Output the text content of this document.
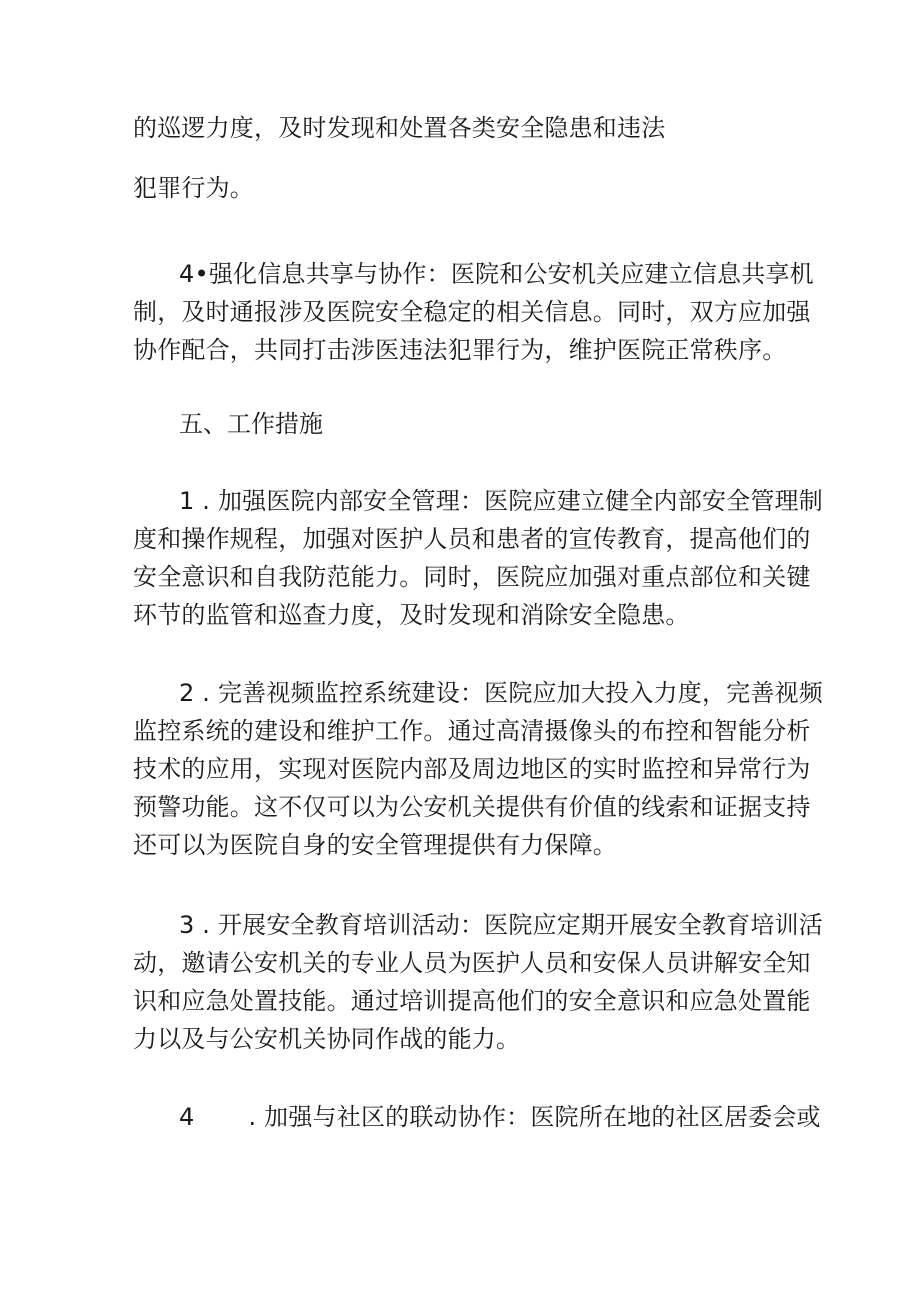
的巡逻力度，及时发现和处置各类安全隐患和违法
犯罪行为。
4•强化信息共享与协作：医院和公安机关应建立信息共享机
制，及时通报涉及医院安全稳定的相关信息。同时，双方应加强
协作配合，共同打击涉医违法犯罪行为，维护医院正常秩序。
五、工作措施
1 . 加强医院内部安全管理：医院应建立健全内部安全管理制
度和操作规程，加强对医护人员和患者的宣传教育，提高他们的
安全意识和自我防范能力。同时，医院应加强对重点部位和关键
环节的监管和巡查力度，及时发现和消除安全隐患。
2 . 完善视频监控系统建设：医院应加大投入力度，完善视频
监控系统的建设和维护工作。通过高清摄像头的布控和智能分析
技术的应用，实现对医院内部及周边地区的实时监控和异常行为
预警功能。这不仅可以为公安机关提供有价值的线索和证据支持
还可以为医院自身的安全管理提供有力保障。
3 . 开展安全教育培训活动：医院应定期开展安全教育培训活
动，邀请公安机关的专业人员为医护人员和安保人员讲解安全知
识和应急处置技能。通过培训提高他们的安全意识和应急处置能
力以及与公安机关协同作战的能力。
4 . 加强与社区的联动协作：医院所在地的社区居委会或
